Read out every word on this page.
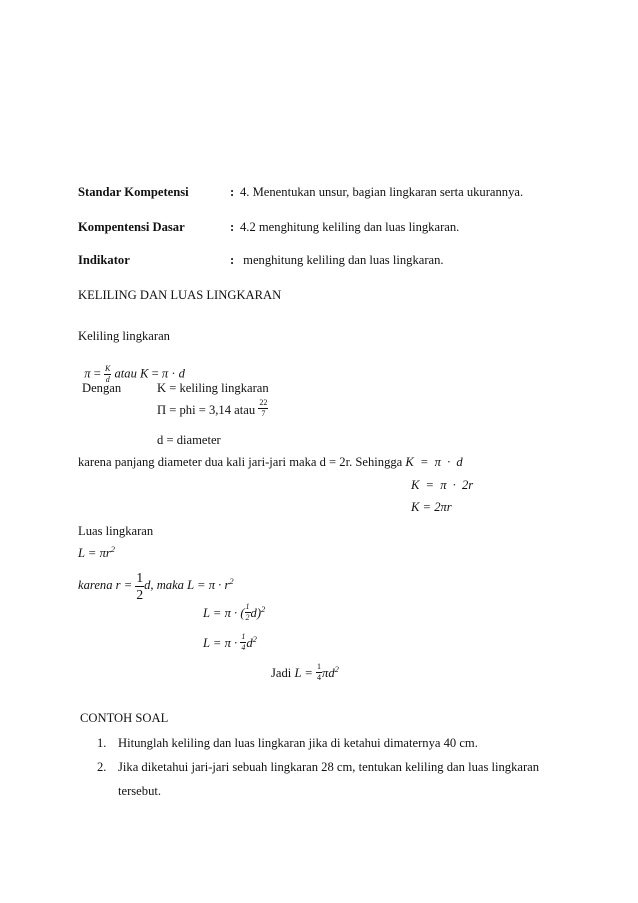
Standar Kompetensi	: 4. Menentukan unsur, bagian lingkaran serta ukurannya.
Kompentensi Dasar	: 4.2 menghitung keliling dan luas lingkaran.
Indikator	: menghitung keliling dan luas lingkaran.
KELILING DAN LUAS LINGKARAN
Keliling lingkaran

$\pi = \frac{K}{d}$ atau K = π · d

Dengan	K = keliling lingkaran
Π = phi = 3,14 atau $\frac{22}{7}$
d = diameter
karena panjang diameter dua kali jari-jari maka d = 2r. Sehingga K = π · d
K = π · 2r
K = 2πr
Luas lingkaran
$L = \pi r^2$
karena $r = \frac{1}{2} d$, maka $L = \pi \cdot r^2$
L = π · ( $\frac{1}{2} d)^2$
$L = \pi \cdot \frac{1}{4} d^2$
Jadi $L = \frac{1}{4} \pi d^2$
CONTOH SOAL
1. Hitunglah keliling dan luas lingkaran jika di ketahui dimaternya 40 cm.
2. Jika diketahui jari-jari sebuah lingkaran 28 cm, tentukan keliling dan luas lingkaran
tersebut.
